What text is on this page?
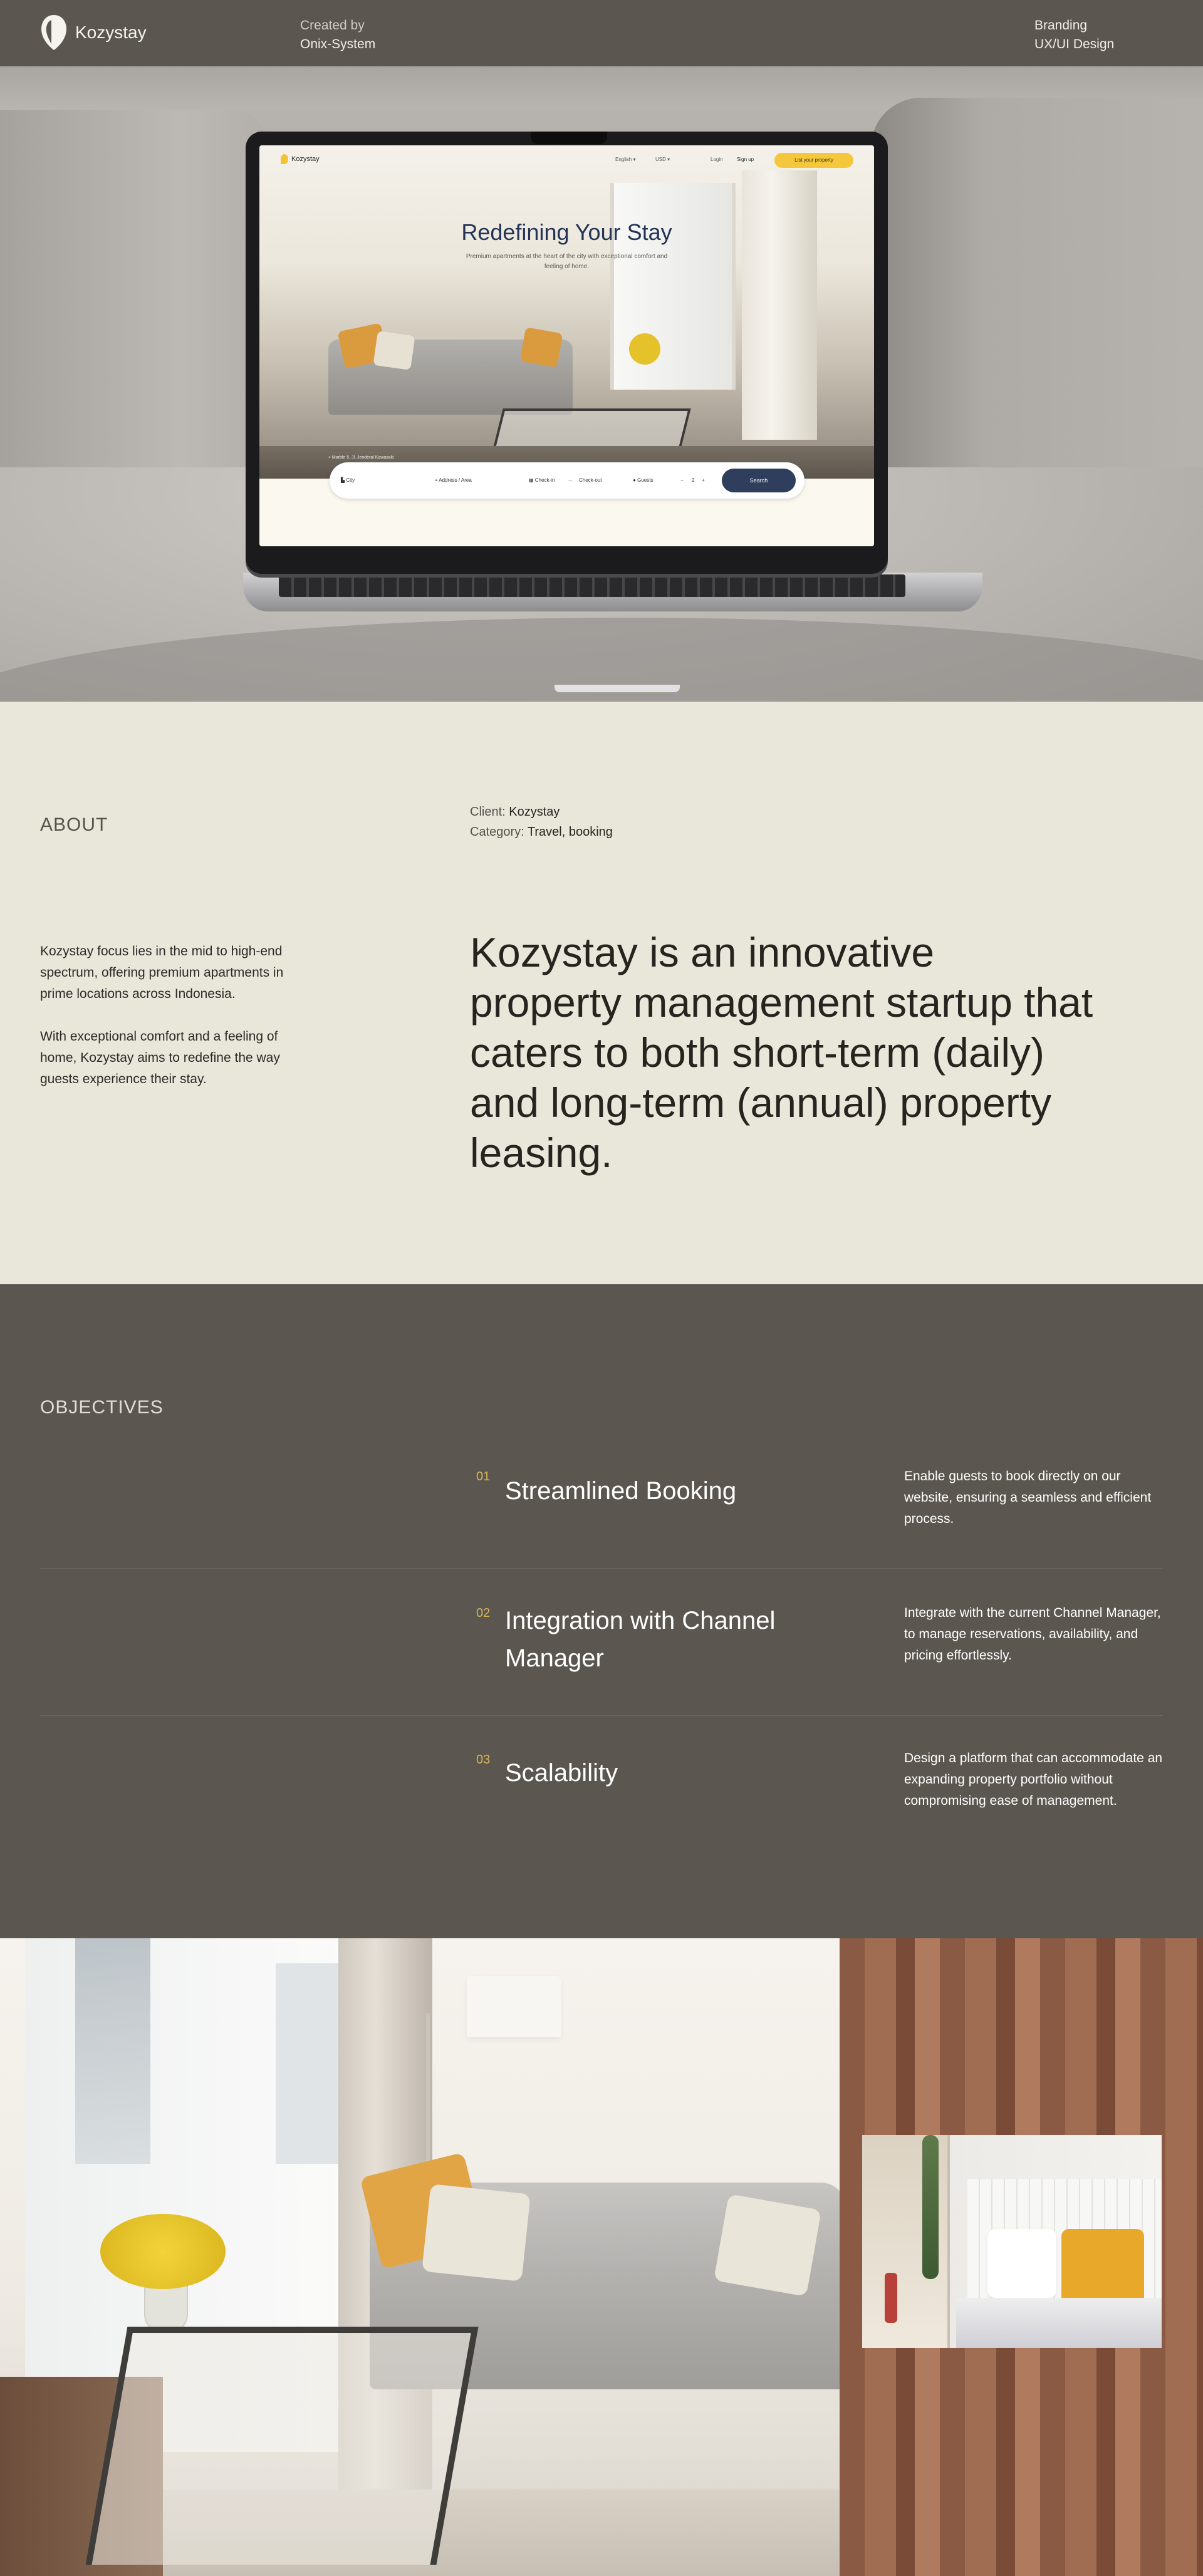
Kozystay	Created by
Onix-System
Branding
UX/UI Design
Kozystay	English ▾	USD ▾	Login	Sign up	List your property
Redefining Your Stay
Premium apartments at the heart of the city with exceptional comfort and feeling of home.
⌖ Marble 5, Jl. Jenderal Kawasaki
▙ City	⌖ Address / Area	▦ Check-in	→ Check-out	● Guests	− 2 +	Search
ABOUT
Client: Kozystay
Category: Travel, booking

Kozystay focus lies in the mid to high-end spectrum, offering premium apartments in prime locations across Indonesia.

With exceptional comfort and a feeling of home, Kozystay aims to redefine the way guests experience their stay.

Kozystay is an innovative property management startup that caters to both short-term (daily) and long-term (annual) property leasing.
OBJECTIVES
01
Streamlined Booking
Enable guests to book directly on our website, ensuring a seamless and efficient process.
02 Integration with Channel Manager
Integrate with the current Channel Manager, to manage reservations, availability, and pricing effortlessly.
03 Scalability
Design a platform that can accommodate an expanding property portfolio without compromising ease of management.
